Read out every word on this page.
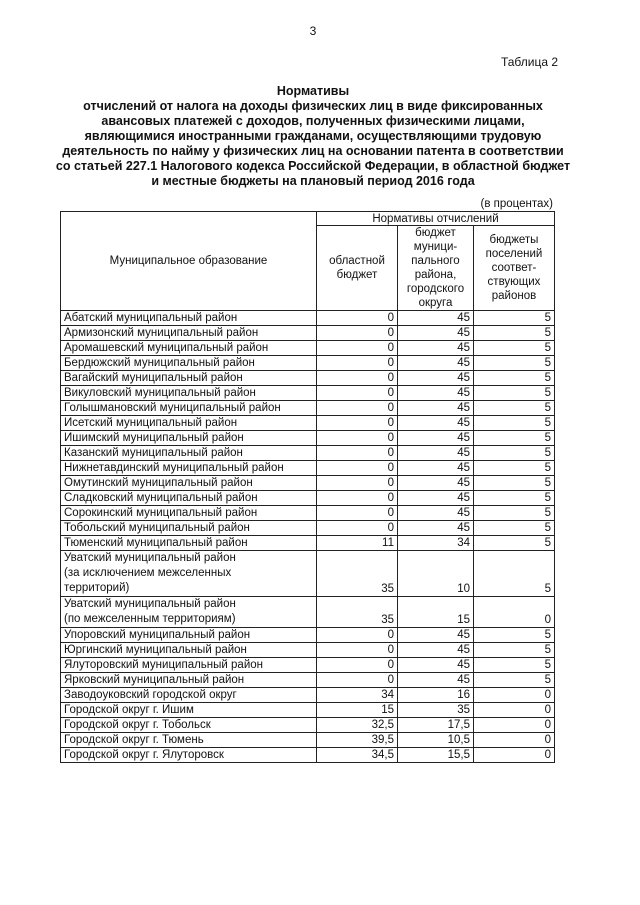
3
Таблица 2
Нормативы
отчислений от налога на доходы физических лиц в виде фиксированных
авансовых платежей с доходов, полученных физическими лицами,
являющимися иностранными гражданами, осуществляющими трудовую
деятельность по найму у физических лиц на основании патента в соответствии
со статьей 227.1 Налогового кодекса Российской Федерации, в областной бюджет
и местные бюджеты на плановый период 2016 года
(в процентах)
Муниципальное образование	Нормативы отчислений		
	областной бюджет	бюджет муници-пального района, городского округа	бюджеты поселений соответ-ствующих районов
Абатский муниципальный район	0	45	5
Армизонский муниципальный район	0	45	5
Аромашевский муниципальный район	0	45	5
Бердюжский муниципальный район	0	45	5
Вагайский муниципальный район	0	45	5
Викуловский муниципальный район	0	45	5
Голышмановский муниципальный район	0	45	5
Исетский муниципальный район	0	45	5
Ишимский муниципальный район	0	45	5
Казанский муниципальный район	0	45	5
Нижнетавдинский муниципальный район	0	45	5
Омутинский муниципальный район	0	45	5
Сладковский муниципальный район	0	45	5
Сорокинский муниципальный район	0	45	5
Тобольский муниципальный район	0	45	5
Тюменский муниципальный район	11	34	5
Уватский муниципальный район
(за исключением межселенных
территорий)	35	10	5
Уватский муниципальный район
(по межселенным территориям)	35	15	0
Упоровский муниципальный район	0	45	5
Юргинский муниципальный район	0	45	5
Ялуторовский муниципальный район	0	45	5
Ярковский муниципальный район	0	45	5
Заводоуковский городской округ	34	16	0
Городской округ г. Ишим	15	35	0
Городской округ г. Тобольск	32,5	17,5	0
Городской округ г. Тюмень	39,5	10,5	0
Городской округ г. Ялуторовск	34,5	15,5	0
